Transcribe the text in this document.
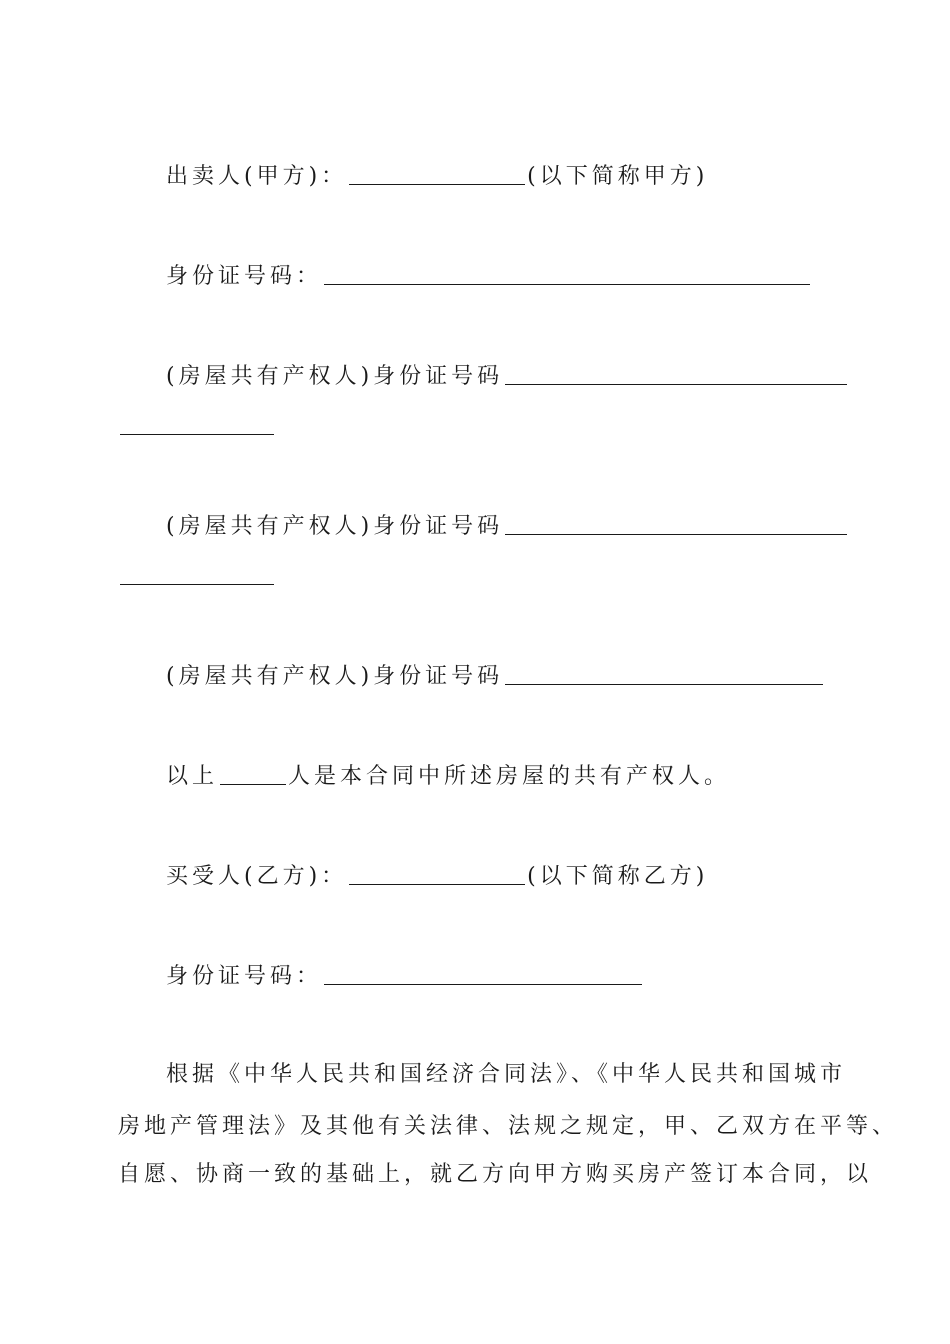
出卖人(甲方)：	(以下简称甲方)
身份证号码：
(房屋共有产权人)身份证号码
(房屋共有产权人)身份证号码
(房屋共有产权人)身份证号码
以上	人是本合同中所述房屋的共有产权人。
买受人(乙方)：	(以下简称乙方)
身份证号码：
根据《中华人民共和国经济合同法》、《中华人民共和国城市
房地产管理法》及其他有关法律、法规之规定，甲、乙双方在平等、
自愿、协商一致的基础上，就乙方向甲方购买房产签订本合同，以
